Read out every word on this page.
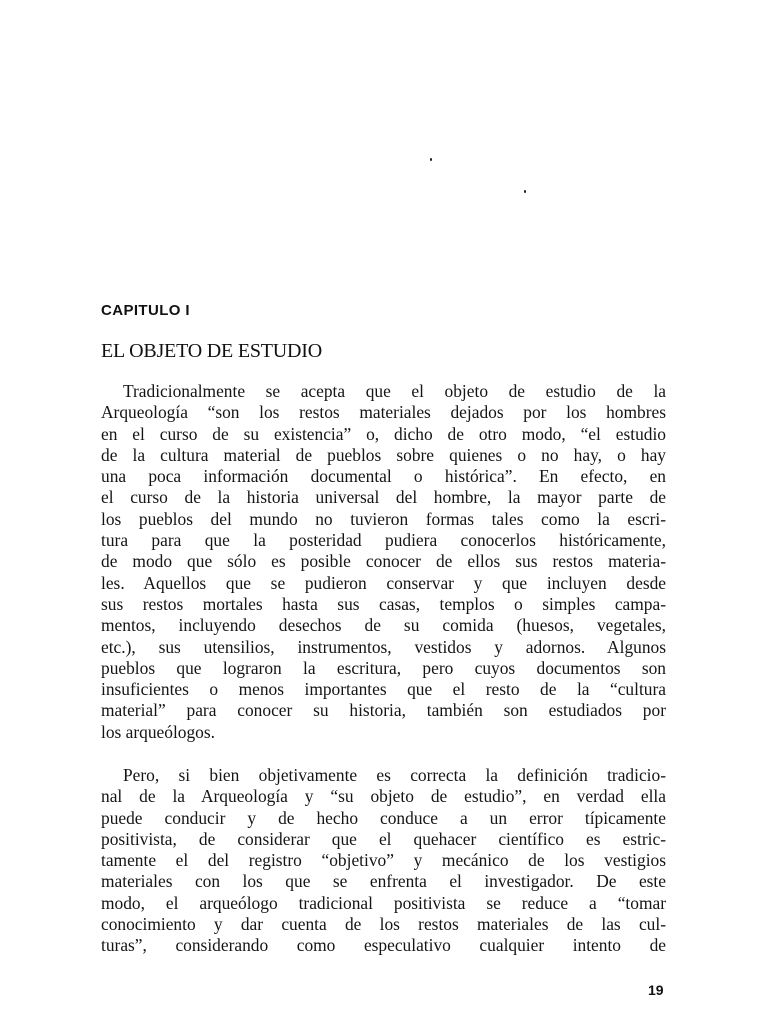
CAPITULO I
EL OBJETO DE ESTUDIO
Tradicionalmente se acepta que el objeto de estudio de la
Arqueología “son los restos materiales dejados por los hombres
en el curso de su existencia” o, dicho de otro modo, “el estudio
de la cultura material de pueblos sobre quienes o no hay, o hay
una poca información documental o histórica”. En efecto, en
el curso de la historia universal del hombre, la mayor parte de
los pueblos del mundo no tuvieron formas tales como la escri-
tura para que la posteridad pudiera conocerlos históricamente,
de modo que sólo es posible conocer de ellos sus restos materia-
les. Aquellos que se pudieron conservar y que incluyen desde
sus restos mortales hasta sus casas, templos o simples campa-
mentos, incluyendo desechos de su comida (huesos, vegetales,
etc.), sus utensilios, instrumentos, vestidos y adornos. Algunos
pueblos que lograron la escritura, pero cuyos documentos son
insuficientes o menos importantes que el resto de la “cultura
material” para conocer su historia, también son estudiados por
los arqueólogos.
Pero, si bien objetivamente es correcta la definición tradicio-
nal de la Arqueología y “su objeto de estudio”, en verdad ella
puede conducir y de hecho conduce a un error típicamente
positivista, de considerar que el quehacer científico es estric-
tamente el del registro “objetivo” y mecánico de los vestigios
materiales con los que se enfrenta el investigador. De este
modo, el arqueólogo tradicional positivista se reduce a “tomar
conocimiento y dar cuenta de los restos materiales de las cul-
turas”, considerando como especulativo cualquier intento de
19
